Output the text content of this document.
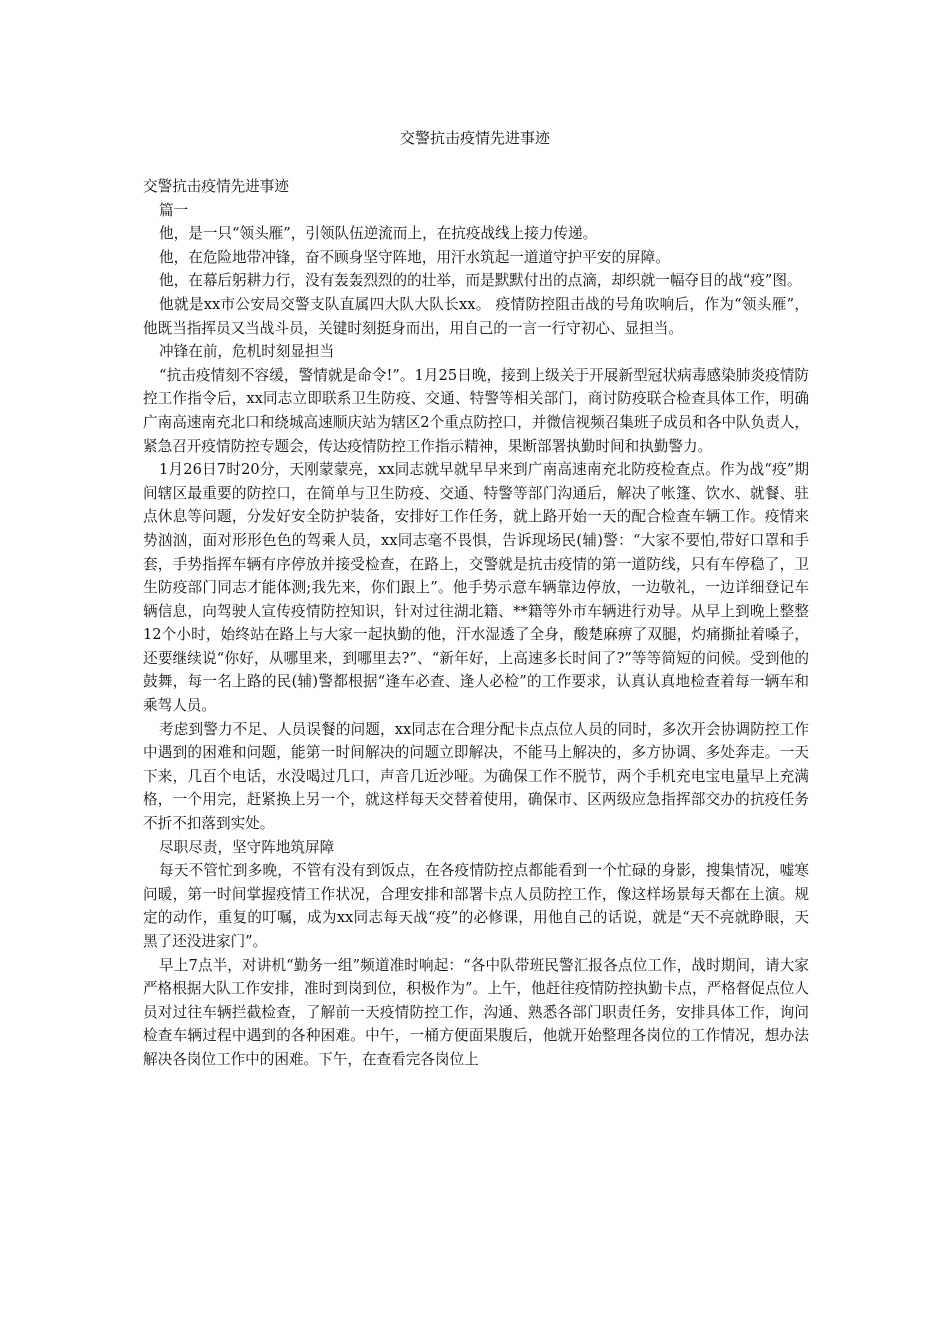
交警抗击疫情先进事迹

交警抗击疫情先进事迹

篇一

他，是一只“领头雁”，引领队伍逆流而上，在抗疫战线上接力传递。

他，在危险地带冲锋，奋不顾身坚守阵地，用汗水筑起一道道守护平安的屏障。

他，在幕后躬耕力行，没有轰轰烈烈的的壮举，而是默默付出的点滴，却织就一幅夺目的战“疫”图。

他就是xx市公安局交警支队直属四大队大队长xx。 疫情防控阻击战的号角吹响后，作为“领头雁”，他既当指挥员又当战斗员，关键时刻挺身而出，用自己的一言一行守初心、显担当。

冲锋在前，危机时刻显担当

“抗击疫情刻不容缓，警情就是命令!”。1月25日晚，接到上级关于开展新型冠状病毒感染肺炎疫情防控工作指令后，xx同志立即联系卫生防疫、交通、特警等相关部门，商讨防疫联合检查具体工作，明确广南高速南充北口和绕城高速顺庆站为辖区2个重点防控口，并微信视频召集班子成员和各中队负责人，紧急召开疫情防控专题会，传达疫情防控工作指示精神，果断部署执勤时间和执勤警力。

1月26日7时20分，天刚蒙蒙亮，xx同志就早就早早来到广南高速南充北防疫检查点。作为战“疫”期间辖区最重要的防控口，在简单与卫生防疫、交通、特警等部门沟通后，解决了帐篷、饮水、就餐、驻点休息等问题，分发好安全防护装备，安排好工作任务，就上路开始一天的配合检查车辆工作。疫情来势汹汹，面对形形色色的驾乘人员，xx同志毫不畏惧，告诉现场民(辅)警：“大家不要怕,带好口罩和手套，手势指挥车辆有序停放并接受检查，在路上，交警就是抗击疫情的第一道防线，只有车停稳了，卫生防疫部门同志才能体测;我先来，你们跟上”。他手势示意车辆靠边停放，一边敬礼，一边详细登记车辆信息，向驾驶人宣传疫情防控知识，针对过往湖北籍、**籍等外市车辆进行劝导。从早上到晚上整整12个小时，始终站在路上与大家一起执勤的他，汗水湿透了全身，酸楚麻痹了双腿，灼痛撕扯着嗓子，还要继续说“你好，从哪里来，到哪里去?”、“新年好，上高速多长时间了?”等等简短的问候。受到他的鼓舞，每一名上路的民(辅)警都根据“逢车必查、逢人必检”的工作要求，认真认真地检查着每一辆车和乘驾人员。

考虑到警力不足、人员误餐的问题，xx同志在合理分配卡点点位人员的同时，多次开会协调防控工作中遇到的困难和问题，能第一时间解决的问题立即解决，不能马上解决的，多方协调、多处奔走。一天下来，几百个电话，水没喝过几口，声音几近沙哑。为确保工作不脱节，两个手机充电宝电量早上充满格，一个用完，赶紧换上另一个，就这样每天交替着使用，确保市、区两级应急指挥部交办的抗疫任务不折不扣落到实处。

尽职尽责，坚守阵地筑屏障

每天不管忙到多晚，不管有没有到饭点，在各疫情防控点都能看到一个忙碌的身影，搜集情况，嘘寒问暖，第一时间掌握疫情工作状况，合理安排和部署卡点人员防控工作，像这样场景每天都在上演。规定的动作，重复的叮嘱，成为xx同志每天战“疫”的必修课，用他自己的话说，就是“天不亮就睁眼，天黑了还没进家门”。

早上7点半，对讲机“勤务一组”频道准时响起：“各中队带班民警汇报各点位工作，战时期间，请大家严格根据大队工作安排，准时到岗到位，积极作为”。上午，他赶往疫情防控执勤卡点，严格督促点位人员对过往车辆拦截检查，了解前一天疫情防控工作，沟通、熟悉各部门职责任务，安排具体工作，询问检查车辆过程中遇到的各种困难。中午，一桶方便面果腹后，他就开始整理各岗位的工作情况，想办法解决各岗位工作中的困难。下午，在查看完各岗位上
